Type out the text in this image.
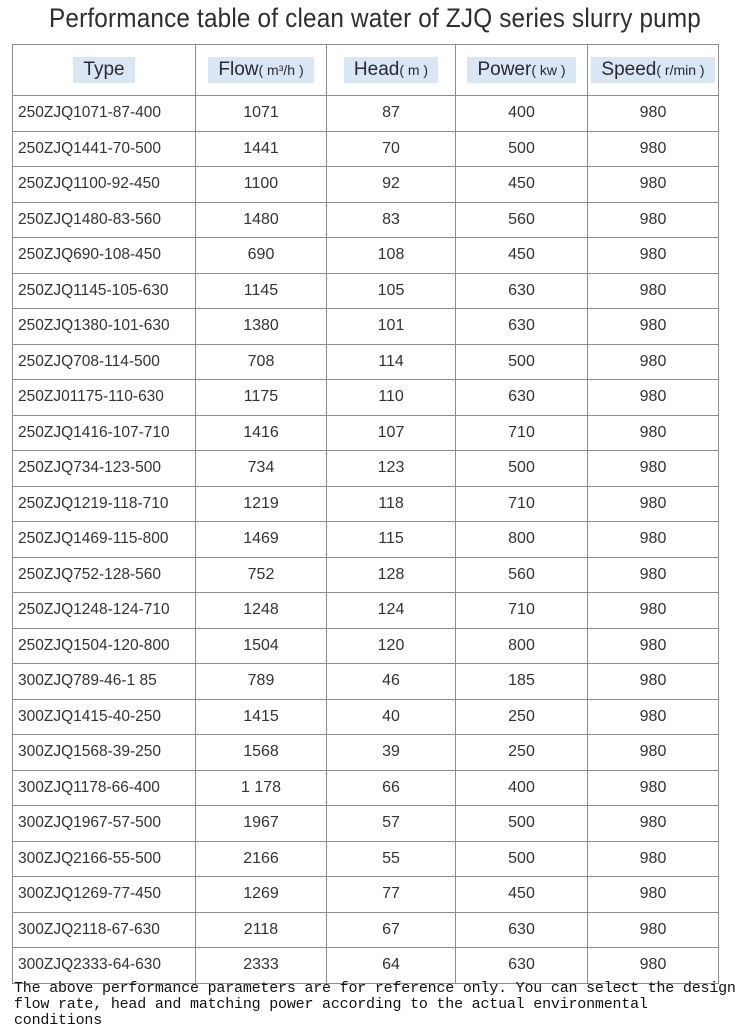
Performance table of clean water of ZJQ series slurry pump
Type	Flow( m³/h )	Head( m )	Power( kw )	Speed( r/min )
250ZJQ1071-87-400	1071	87	400	980
250ZJQ1441-70-500	1441	70	500	980
250ZJQ1100-92-450	1100	92	450	980
250ZJQ1480-83-560	1480	83	560	980
250ZJQ690-108-450	690	108	450	980
250ZJQ1145-105-630	1145	105	630	980
250ZJQ1380-101-630	1380	101	630	980
250ZJQ708-114-500	708	114	500	980
250ZJ01175-110-630	1175	110	630	980
250ZJQ1416-107-710	1416	107	710	980
250ZJQ734-123-500	734	123	500	980
250ZJQ1219-118-710	1219	118	710	980
250ZJQ1469-115-800	1469	115	800	980
250ZJQ752-128-560	752	128	560	980
250ZJQ1248-124-710	1248	124	710	980
250ZJQ1504-120-800	1504	120	800	980
300ZJQ789-46-1 85	789	46	185	980
300ZJQ1415-40-250	1415	40	250	980
300ZJQ1568-39-250	1568	39	250	980
300ZJQ1178-66-400	1 178	66	400	980
300ZJQ1967-57-500	1967	57	500	980
300ZJQ2166-55-500	2166	55	500	980
300ZJQ1269-77-450	1269	77	450	980
300ZJQ2118-67-630	2118	67	630	980
300ZJQ2333-64-630	2333	64	630	980
The above performance parameters are for reference only. You can select the design flow rate, head and matching power according to the actual environmental conditions
